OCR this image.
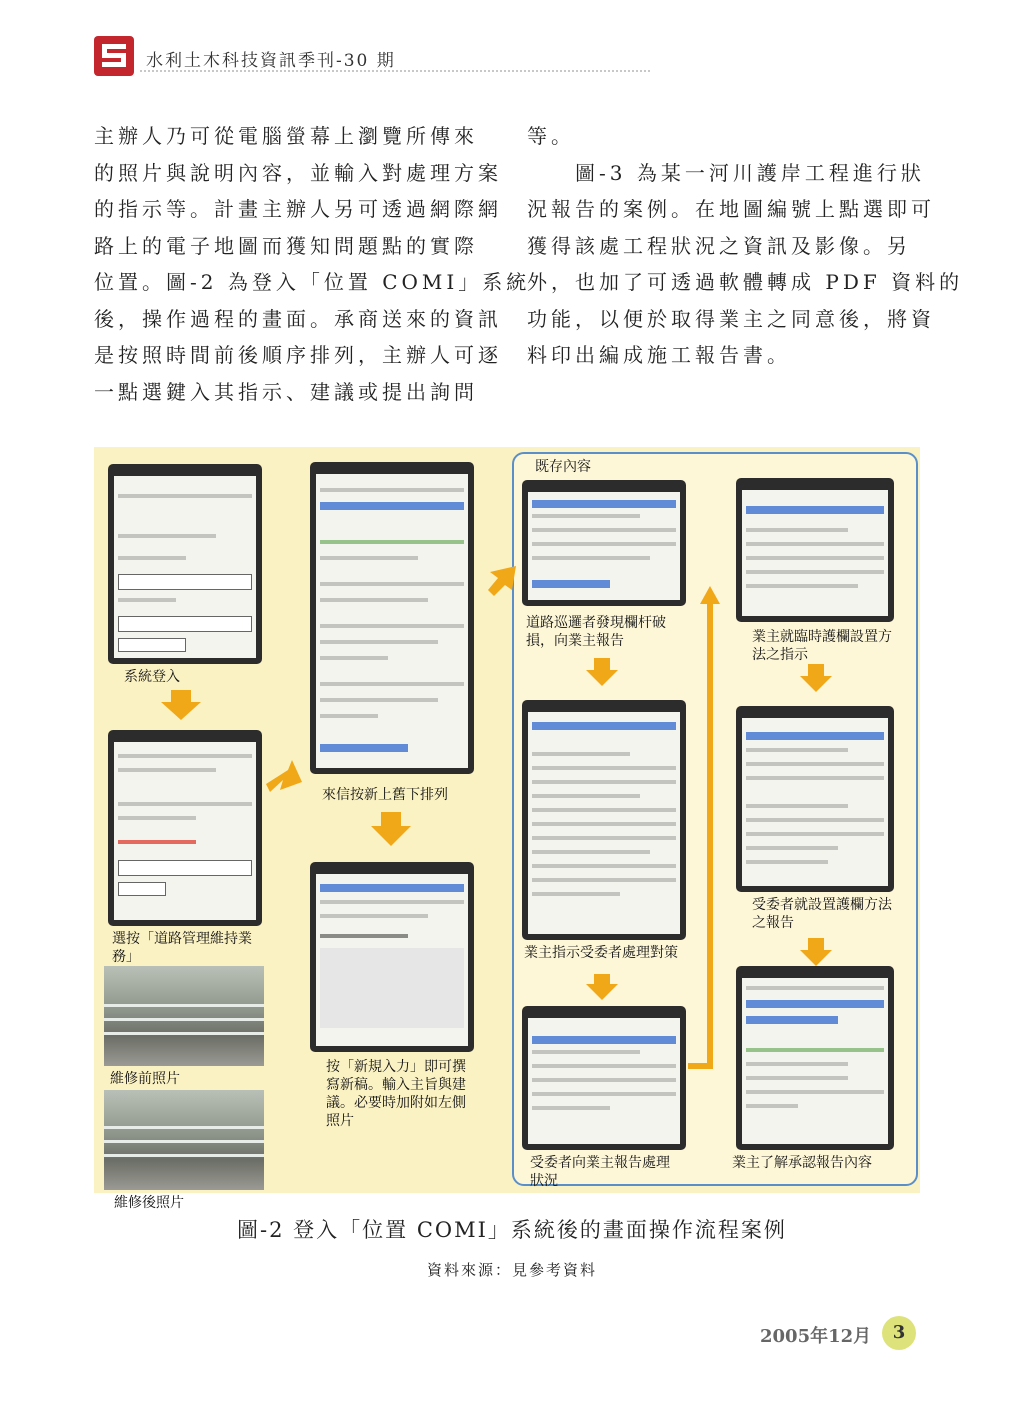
水利土木科技資訊季刊-30 期

主辦人乃可從電腦螢幕上瀏覽所傳來

的照片與說明內容，並輸入對處理方案

的指示等。計畫主辦人另可透過網際網

路上的電子地圖而獲知問題點的實際

位置。圖-2 為登入「位置 COMI」系統

後，操作過程的畫面。承商送來的資訊

是按照時間前後順序排列，主辦人可逐

一點選鍵入其指示、建議或提出詢問

等。

　　圖-3 為某一河川護岸工程進行狀

況報告的案例。在地圖編號上點選即可

獲得該處工程狀況之資訊及影像。另

外，也加了可透過軟體轉成 PDF 資料的

功能，以便於取得業主之同意後，將資

料印出編成施工報告書。

既存內容
系統登入
選按「道路管理維持業務」
維修前照片
維修後照片
來信按新上舊下排列
按「新規入力」即可撰寫新稿。輸入主旨與建議。必要時加附如左側照片
道路巡邏者發現欄杆破損，向業主報告
業主指示受委者處理對策
受委者向業主報告處理狀況
業主就臨時護欄設置方法之指示
受委者就設置護欄方法之報告
業主了解承認報告內容
圖-2 登入「位置 COMI」系統後的畫面操作流程案例
資料來源：見參考資料
2005年12月	3
